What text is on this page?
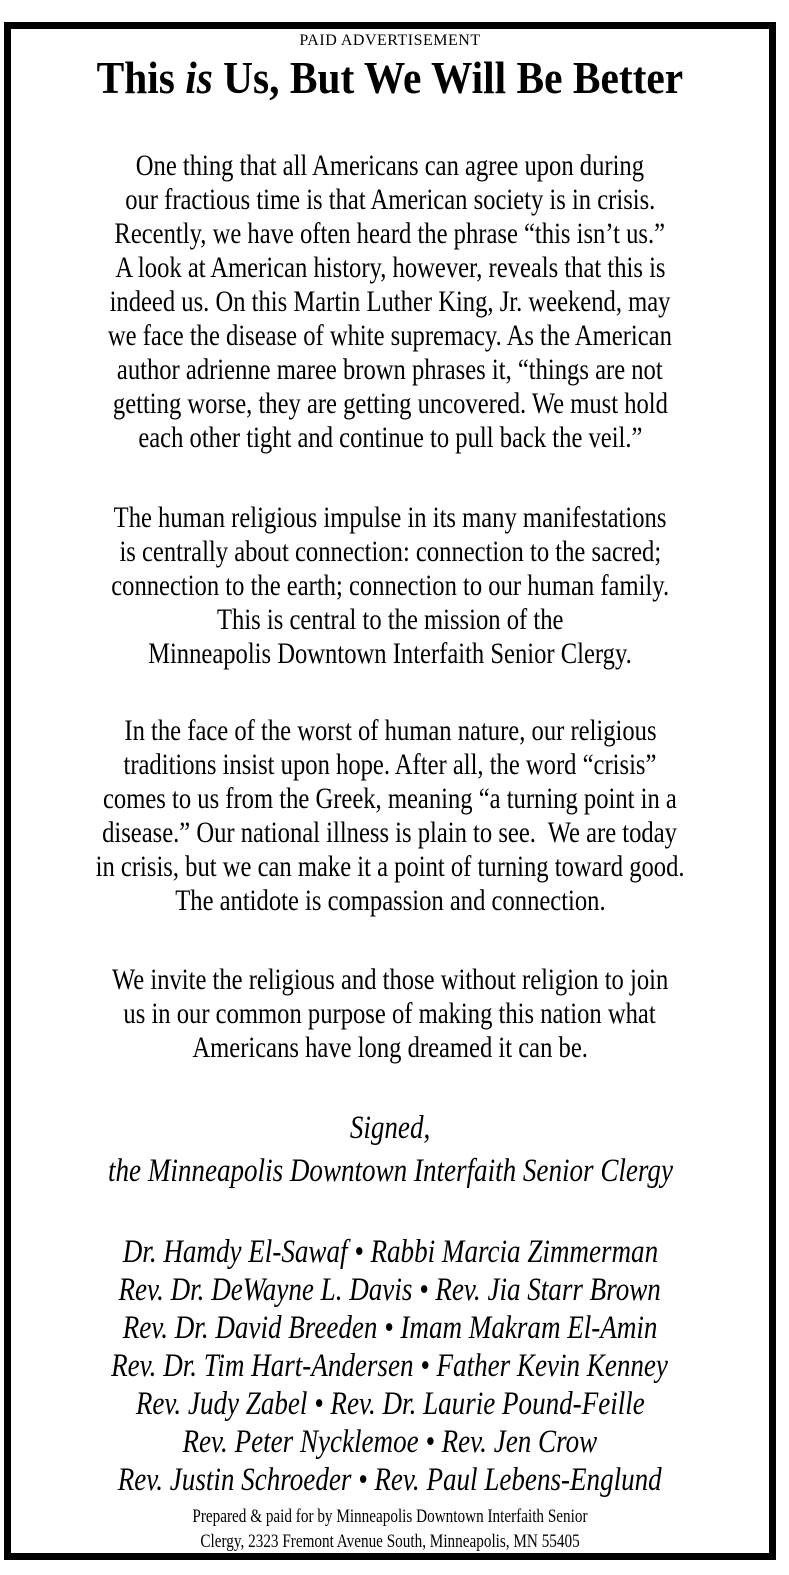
PAID ADVERTISEMENT
This is Us, But We Will Be Better
One thing that all Americans can agree upon during
our fractious time is that American society is in crisis.
Recently, we have often heard the phrase “this isn’t us.”
A look at American history, however, reveals that this is
indeed us. On this Martin Luther King, Jr. weekend, may
we face the disease of white supremacy. As the American
author adrienne maree brown phrases it, “things are not
getting worse, they are getting uncovered. We must hold
each other tight and continue to pull back the veil.”
The human religious impulse in its many manifestations
is centrally about connection: connection to the sacred;
connection to the earth; connection to our human family.
This is central to the mission of the
Minneapolis Downtown Interfaith Senior Clergy.
In the face of the worst of human nature, our religious
traditions insist upon hope. After all, the word “crisis”
comes to us from the Greek, meaning “a turning point in a
disease.” Our national illness is plain to see.  We are today
in crisis, but we can make it a point of turning toward good.
The antidote is compassion and connection.
We invite the religious and those without religion to join
us in our common purpose of making this nation what
Americans have long dreamed it can be.
Signed,
the Minneapolis Downtown Interfaith Senior Clergy
Dr. Hamdy El-Sawaf • Rabbi Marcia Zimmerman
Rev. Dr. DeWayne L. Davis • Rev. Jia Starr Brown
Rev. Dr. David Breeden • Imam Makram El-Amin
Rev. Dr. Tim Hart-Andersen • Father Kevin Kenney
Rev. Judy Zabel • Rev. Dr. Laurie Pound-Feille
Rev. Peter Nycklemoe • Rev. Jen Crow
Rev. Justin Schroeder • Rev. Paul Lebens-Englund
Prepared & paid for by Minneapolis Downtown Interfaith Senior
Clergy, 2323 Fremont Avenue South, Minneapolis, MN 55405
